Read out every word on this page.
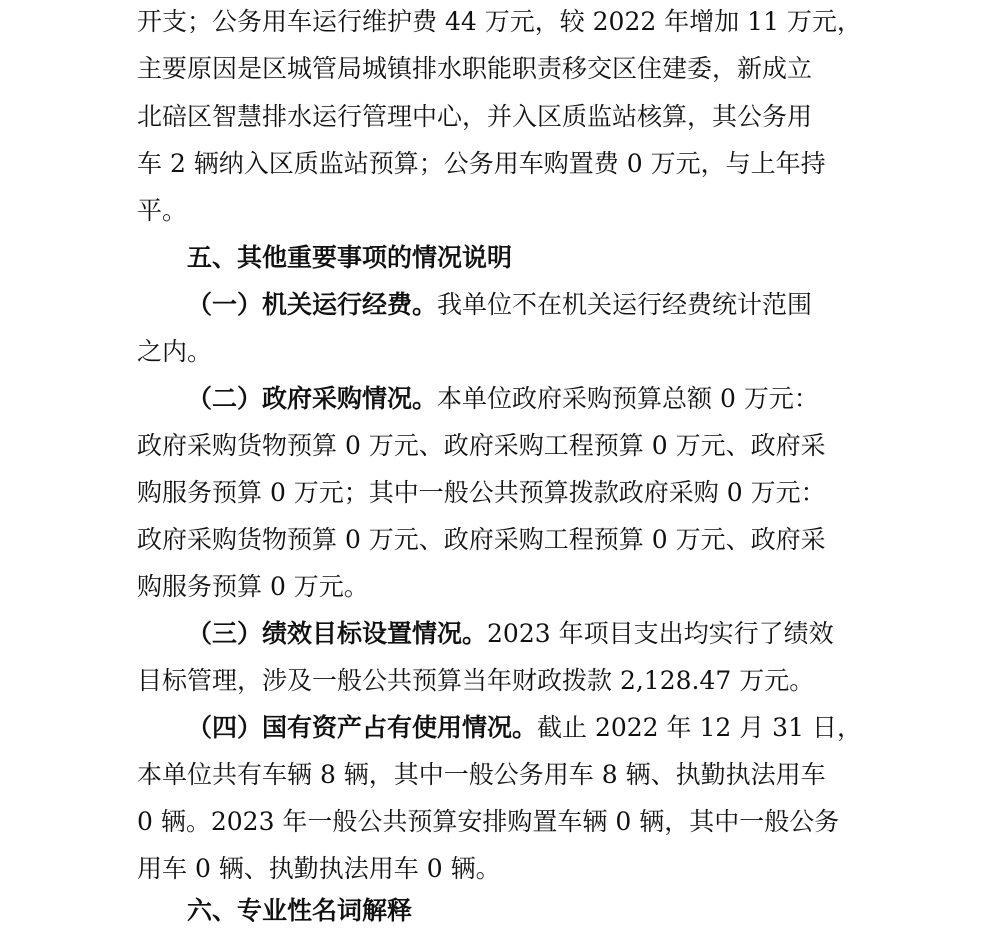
开支；公务用车运行维护费 44 万元，较 2022 年增加 11 万元，
主要原因是区城管局城镇排水职能职责移交区住建委，新成立
北碚区智慧排水运行管理中心，并入区质监站核算，其公务用
车 2 辆纳入区质监站预算；公务用车购置费 0 万元，与上年持
平。
五、其他重要事项的情况说明
（一）机关运行经费。我单位不在机关运行经费统计范围
之内。
（二）政府采购情况。本单位政府采购预算总额 0 万元：
政府采购货物预算 0 万元、政府采购工程预算 0 万元、政府采
购服务预算 0 万元；其中一般公共预算拨款政府采购 0 万元：
政府采购货物预算 0 万元、政府采购工程预算 0 万元、政府采
购服务预算 0 万元。
（三）绩效目标设置情况。2023 年项目支出均实行了绩效
目标管理，涉及一般公共预算当年财政拨款 2,128.47 万元。
（四）国有资产占有使用情况。截止 2022 年 12 月 31 日，
本单位共有车辆 8 辆，其中一般公务用车 8 辆、执勤执法用车
0 辆。2023 年一般公共预算安排购置车辆 0 辆，其中一般公务
用车 0 辆、执勤执法用车 0 辆。
六、专业性名词解释
